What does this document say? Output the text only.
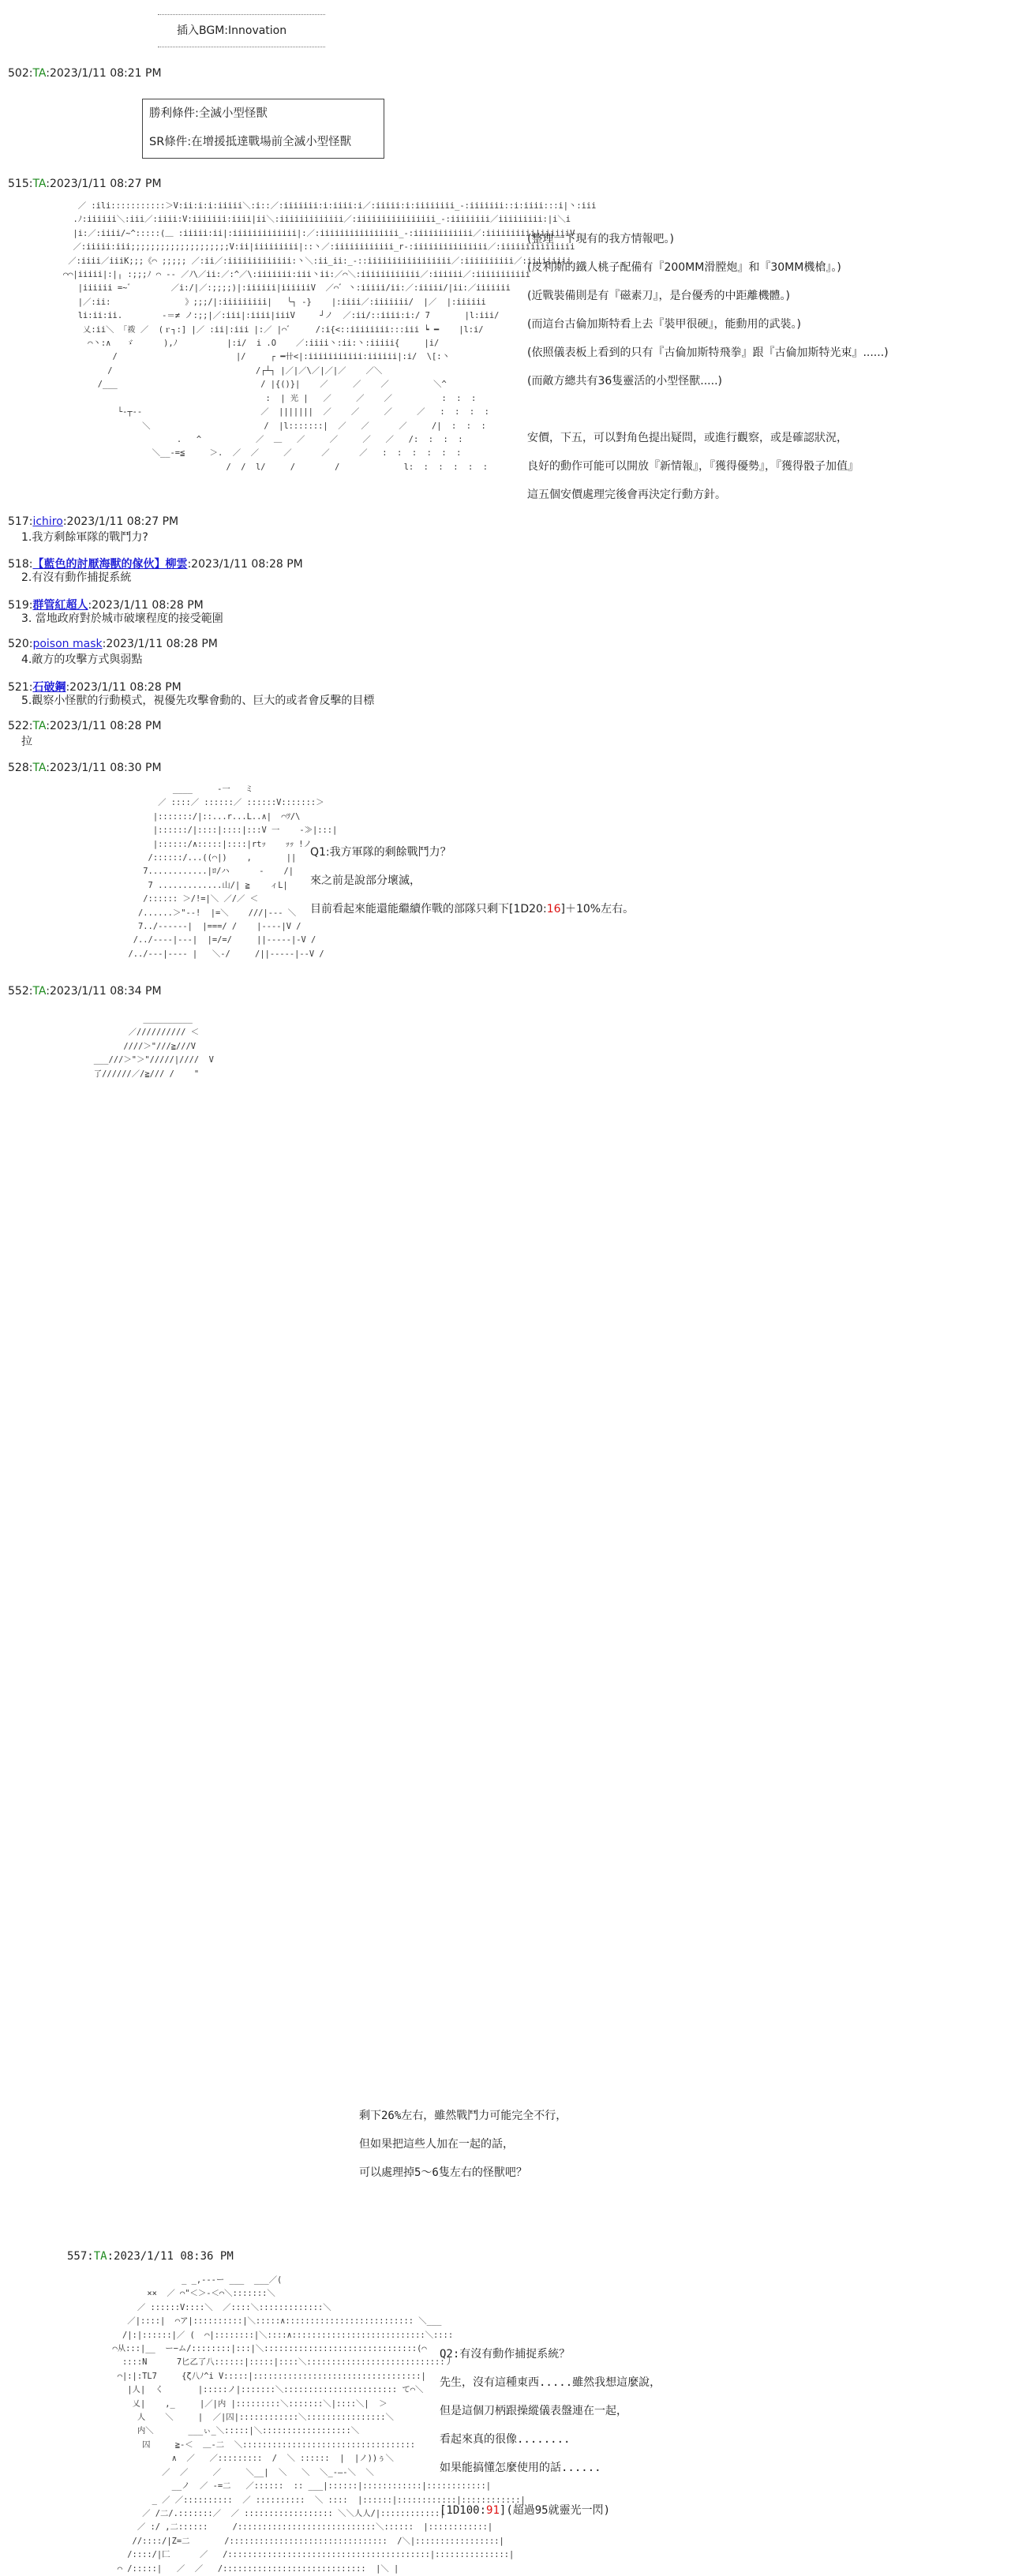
插入BGM:Innovation
502:TA:2023/1/11 08:21 PM
勝利條件:全滅小型怪獸
SR條件:在增援抵達戰場前全滅小型怪獸
515:TA:2023/1/11 08:27 PM
／ :ili:::::::::::＞V:ii:i:i:iiiii＼:i::／:iiiiiii:i:iiii:i／:iiiii:i:iiiiiiii_-:iiiiiii::i:iiii:::i|丶:iii
.ﾉ:iiiiii＼:iii／:iiii:V:iiiiiii:iiii|ii＼:iiiiiiiiiiiii／:iiiiiiiiiiiiiiii_-:iiiiiiii／iiiiiiiii:|i＼i
|i:／:iiii/~^:::::(＿ :iiiii:ii|:iiiiiiiiiiiii|:／:iiiiiiiiiiiiiiii_-:iiiiiiiiiiii／:iiiiiiiiii|iiiiiiV
／:iiiii:iii;;;;;;;;;;;;;;;;;;;;V:ii|iiiiiiiii|::丶／:iiiiiiiiiiii_r-:iiiiiiiiiiiiiii／:iiiiiiiiiiiiiii
／:iiii／iiiK;;;《⌒ ;;;;; ／:ii／:iiiiiiiiiiiii:丶＼:ii_ii:_-::iiiiiiiiiiiiiiiii／:iiiiiiiiii／:iiiiiiiii
⌒⌒|iiiii|:|╷ :;;;ﾉ ⌒ -- ／ﾉ\／ii:／:^／\:iiiiiii:iii丶ii:／⌒＼:iiiiiiiiiiii／:iiiiii／:iiiiiiiiiii
|iiiiii =~ﾞ        ／i:/|／:;;;;)|:iiiiii|iiiiiiV  ／⌒ﾞ 丶:iiiii/ii:／:iiiii/|ii:／iiiiiii
|／:ii:               》;;;/|:iiiiiiiii|   ╰┐ -}    |:iiii／:iiiiiii/  |／  |:iiiiii
li:ii:ii.        -＝≠ ノ:;;|／:iii|:iiii|iiiV     ┘ノ  ／:ii/::iiii:i:/ 7       |l:iii/
乂:ii＼ 「袯 ／  (ｒ┐:] |／ :ii|:iii |:／ |⌒ﾞ     /:i{<::iiiiiiii:::iii ┕ ━    |l:i/
⌒丶:∧   ゞ      ),ﾉ          |:i/  i .O    ／:iiii丶:ii:丶:iiiii{     |i/
/                        |/     ┌ ━卄<|:iiiiiiiiiii:iiiiii|:i/  \[:丶
/                             /┌┴┐ |／|／\／|／|／    ／＼
/___                             / |{()}|    ／     ／    ／         ＼^
:  | 光 |   ／     ／    ／          :  :  :
└-┬--                        ／  |||||||  ／    ／     ／     ／   :  :  :  :
＼                       /  |l:::::::|  ／   ／      ／     /|  :  :  :
.   ^           ／  ＿   ／     ／     ／   ／   /:  :  :  :
＼__-=≦     ＞.  ／  ／     ／      ／      ／   :  :  :  :  :  :
/  /  l/     /        /             l:  :  :  :  :  :
(整理一下現有的我方情報吧。)
(皮利斯的鐵人桃子配備有『200MM滑膛炮』和『30MM機槍』。)
(近戰裝備則是有『磁素刀』，是台優秀的中距離機體。)
(而這台古倫加斯特看上去『裝甲很硬』，能動用的武裝。)
(依照儀表板上看到的只有『古倫加斯特飛拳』跟『古倫加斯特光束』......)
(而敵方總共有36隻靈活的小型怪獸.....)
安價，下五，可以對角色提出疑問，或進行觀察，或是確認狀況，
良好的動作可能可以開放『新情報』，『獲得優勢』，『獲得骰子加值』
這五個安價處理完後會再決定行動方針。
517:ichiro:2023/1/11 08:27 PM
1.我方剩餘軍隊的戰鬥力?
518:【藍色的討厭海獸的傢伙】柳雲:2023/1/11 08:28 PM
2.有沒有動作捕捉系統
519:群管紅超人:2023/1/11 08:28 PM
3. 當地政府對於城市破壞程度的接受範圍
520:poison mask:2023/1/11 08:28 PM
4.敵方的攻擊方式與弱點
521:石破鋼:2023/1/11 08:28 PM
5.觀察小怪獸的行動模式，視優先攻擊會動的、巨大的或者會反擊的目標
522:TA:2023/1/11 08:28 PM
拉
528:TA:2023/1/11 08:30 PM
____     -一   ミ
／ ::::／ ::::::／ ::::::V:::::::＞
|:::::::/|::...r...L..∧|  ⌒ﾂ/\
|::::::/|::::|::::|:::V 一    ‐≫|:::|
|::::::/∧:::::|::::|rtｯ    ｯｯ !ノ
/::::::/...((⌒|)    ,       ||
7............|ﾛ/ハ      ‐    /|
7 .............山/| ≧    ィL|
/:::::: ＞/!=|＼ ／/／ ＜
/......＞"--!  |=＼    ///|--- ＼
7../------|  |===/ /    |----|V /
/../----|---|  |=/=/     ||-----|-V /
/../---|---- |   ＼-/     /||-----|--V /
Q1:我方軍隊的剩餘戰鬥力？
來之前是說部分壞滅，
目前看起來能還能繼續作戰的部隊只剩下[1D20:16]＋10%左右。
552:TA:2023/1/11 08:34 PM
__________
／////////// ＜
////＞"///≧///V
___///＞"＞"/////|////  V
了//////／/≧/// /    "

剩下26%左右，雖然戰鬥力可能完全不行，
但如果把這些人加在一起的話，
可以處理掉5～6隻左右的怪獸吧？

557:TA:2023/1/11 08:36 PM

_ _,---ー ___  ___／(
××  ／ ⌒"＜＞-＜⌒＼:::::::＼
／ ::::::V::::＼  ／::::＼:::::::::::::＼
／|::::|  ⌒ア|::::::::::|＼:::::∧:::::::::::::::::::::::::: ＼___
/|:|::::::|／ (  ⌒|::::::::|＼::::∧:::::::::::::::::::::::::::＼::::
⌒从:::|__  ー−ム/::::::::|:::|＼:::::::::::::::::::::::::::::::(⌒
::::N      7匕乙了八::::::|:::::|::::＼::::::::::::::::::::::::::::丿
⌒|:|:TL7     {ζ八ﾉ^i V:::::|::::::::::::::::::::::::::::::::::|
|人|  く       |:::::ノ|:::::::＼::::::::::::::::::::::: て⌒＼
乂|    ,_     |／|内 |:::::::::＼:::::::＼|::::＼|  ＞
人    ＼     |  ／|囚|::::::::::::＼::::::::::::::::＼
内＼       ___ぃ_＼:::::|＼::::::::::::::::::＼
囚     ≧-＜  ＿-二  ＼:::::::::::::::::::::::::::::::::::
∧  ／   ／:::::::::  /  ＼ ::::::  |  |ノ))ぅ＼
／  ／     ／     ＼__|  ＼   ＼  ＼_-―-＼  ＼
__ノ  ／ -=二   ／::::::  :: ___|::::::|::::::::::::|::::::::::::|
_ ／ ／::::::::::  ／ ::::::::::  ＼ ::::  |::::::|::::::::::::|::::::::::::|
／ /二/.:::::::／  ／ :::::::::::::::::: ＼＼人人/|::::::::::::|
／ :/ ,二::::::     /::::::::::::::::::::::::::::＼::::::  |::::::::::::|
//::::/|Z=二       /::::::::::::::::::::::::::::::::  /＼|:::::::::::::::::|
/::::/|匚      ／   /:::::::::::::::::::::::::::::::::::::::::|:::::::::::::::|
⌒ /:::::|   ／  ／   /:::::::::::::::::::::::::::::  |＼ |

Q2:有沒有動作捕捉系統？
先生，沒有這種東西.....雖然我想這麼說，
但是這個刀柄跟操縱儀表盤連在一起，
看起來真的很像........
如果能搞懂怎麼使用的話......

[1D100:91](超過95就靈光一閃)
